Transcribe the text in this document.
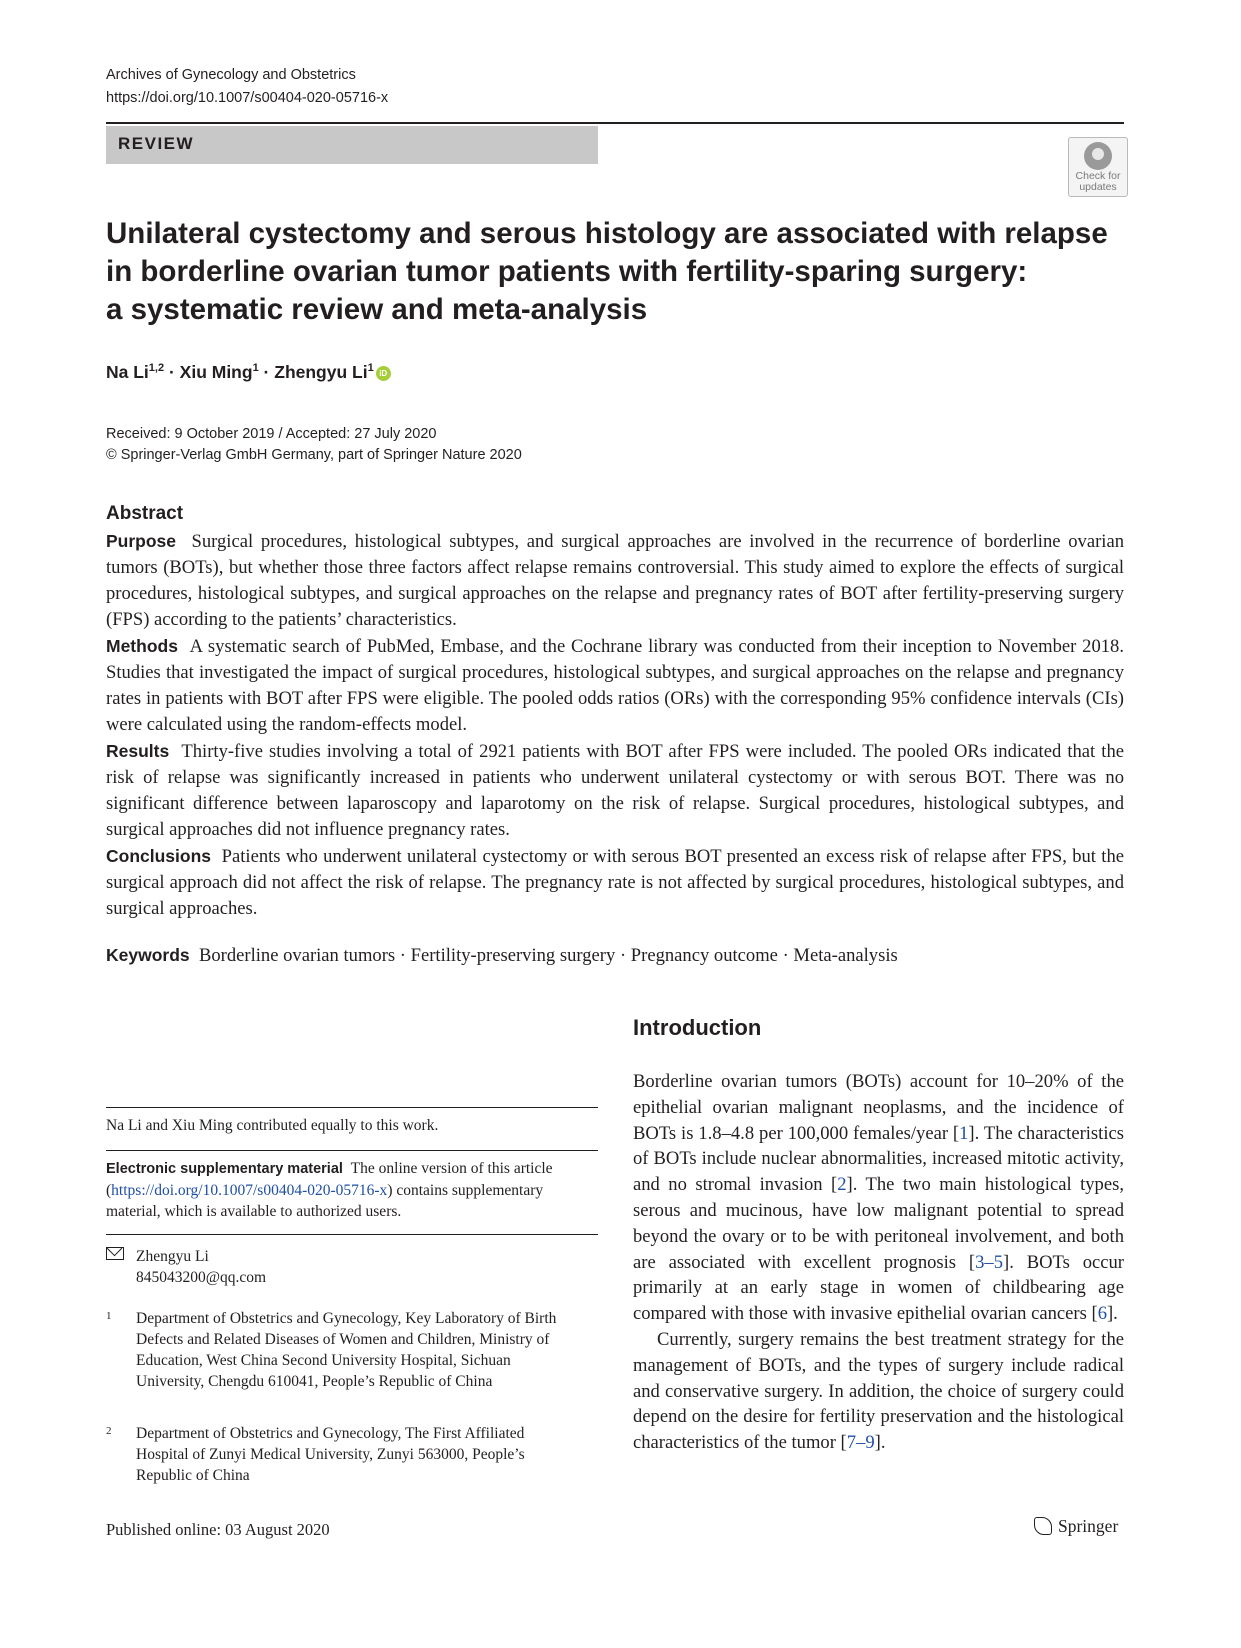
Archives of Gynecology and Obstetrics
https://doi.org/10.1007/s00404-020-05716-x
REVIEW
Check for
updates
Unilateral cystectomy and serous histology are associated with relapse
in borderline ovarian tumor patients with fertility-sparing surgery:
a systematic review and meta-analysis
Na Li$^{1,2}$ · Xiu Ming$^1$ · Zhengyu Li$^1$ iD
Received: 9 October 2019 / Accepted: 27 July 2020
© Springer-Verlag GmbH Germany, part of Springer Nature 2020
Abstract

Purpose Surgical procedures, histological subtypes, and surgical approaches are involved in the recurrence of borderline ovarian tumors (BOTs), but whether those three factors affect relapse remains controversial. This study aimed to explore the effects of surgical procedures, histological subtypes, and surgical approaches on the relapse and pregnancy rates of BOT after fertility-preserving surgery (FPS) according to the patients’ characteristics.

Methods A systematic search of PubMed, Embase, and the Cochrane library was conducted from their inception to November 2018. Studies that investigated the impact of surgical procedures, histological subtypes, and surgical approaches on the relapse and pregnancy rates in patients with BOT after FPS were eligible. The pooled odds ratios (ORs) with the corresponding 95% confidence intervals (CIs) were calculated using the random-effects model.

Results Thirty-five studies involving a total of 2921 patients with BOT after FPS were included. The pooled ORs indicated that the risk of relapse was significantly increased in patients who underwent unilateral cystectomy or with serous BOT. There was no significant difference between laparoscopy and laparotomy on the risk of relapse. Surgical procedures, histological subtypes, and surgical approaches did not influence pregnancy rates.

Conclusions Patients who underwent unilateral cystectomy or with serous BOT presented an excess risk of relapse after FPS, but the surgical approach did not affect the risk of relapse. The pregnancy rate is not affected by surgical procedures, histological subtypes, and surgical approaches.

Keywords Borderline ovarian tumors · Fertility-preserving surgery · Pregnancy outcome · Meta-analysis
Na Li and Xiu Ming contributed equally to this work.
Electronic supplementary material The online version of this article (https://doi.org/10.1007/s00404-020-05716-x) contains supplementary material, which is available to authorized users.
Zhengyu Li
845043200@qq.com
1 Department of Obstetrics and Gynecology, Key Laboratory of Birth Defects and Related Diseases of Women and Children, Ministry of Education, West China Second University Hospital, Sichuan University, Chengdu 610041, People’s Republic of China
2 Department of Obstetrics and Gynecology, The First Affiliated Hospital of Zunyi Medical University, Zunyi 563000, People’s Republic of China
Introduction

Borderline ovarian tumors (BOTs) account for 10–20% of the epithelial ovarian malignant neoplasms, and the incidence of BOTs is 1.8–4.8 per 100,000 females/year [1]. The characteristics of BOTs include nuclear abnormalities, increased mitotic activity, and no stromal invasion [2]. The two main histological types, serous and mucinous, have low malignant potential to spread beyond the ovary or to be with peritoneal involvement, and both are associated with excellent prognosis [3–5]. BOTs occur primarily at an early stage in women of childbearing age compared with those with invasive epithelial ovarian cancers [6].

Currently, surgery remains the best treatment strategy for the management of BOTs, and the types of surgery include radical and conservative surgery. In addition, the choice of surgery could depend on the desire for fertility preservation and the histological characteristics of the tumor [7–9].

Published online: 03 August 2020	Springer
